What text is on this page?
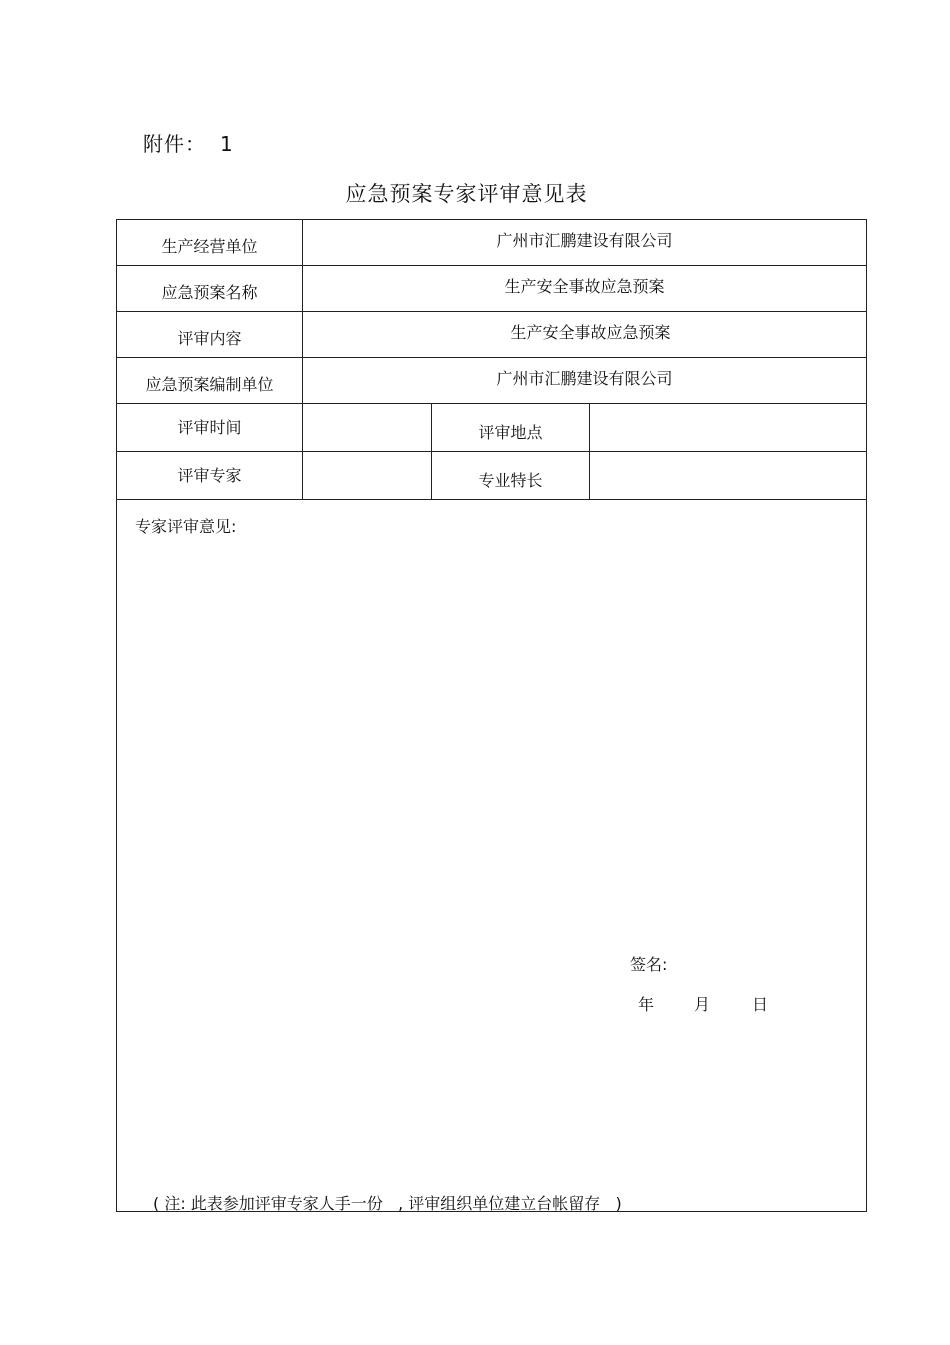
附件： 1
应急预案专家评审意见表
生产经营单位	广州市汇鹏建设有限公司		
应急预案名称	生产安全事故应急预案		
评审内容	生产安全事故应急预案		
应急预案编制单位	广州市汇鹏建设有限公司		
评审时间		评审地点	
评审专家		专业特长	

专家评审意见:
签名:
年 月 日			
( 注: 此表参加评审专家人手一份   , 评审组织单位建立台帐留存   )
